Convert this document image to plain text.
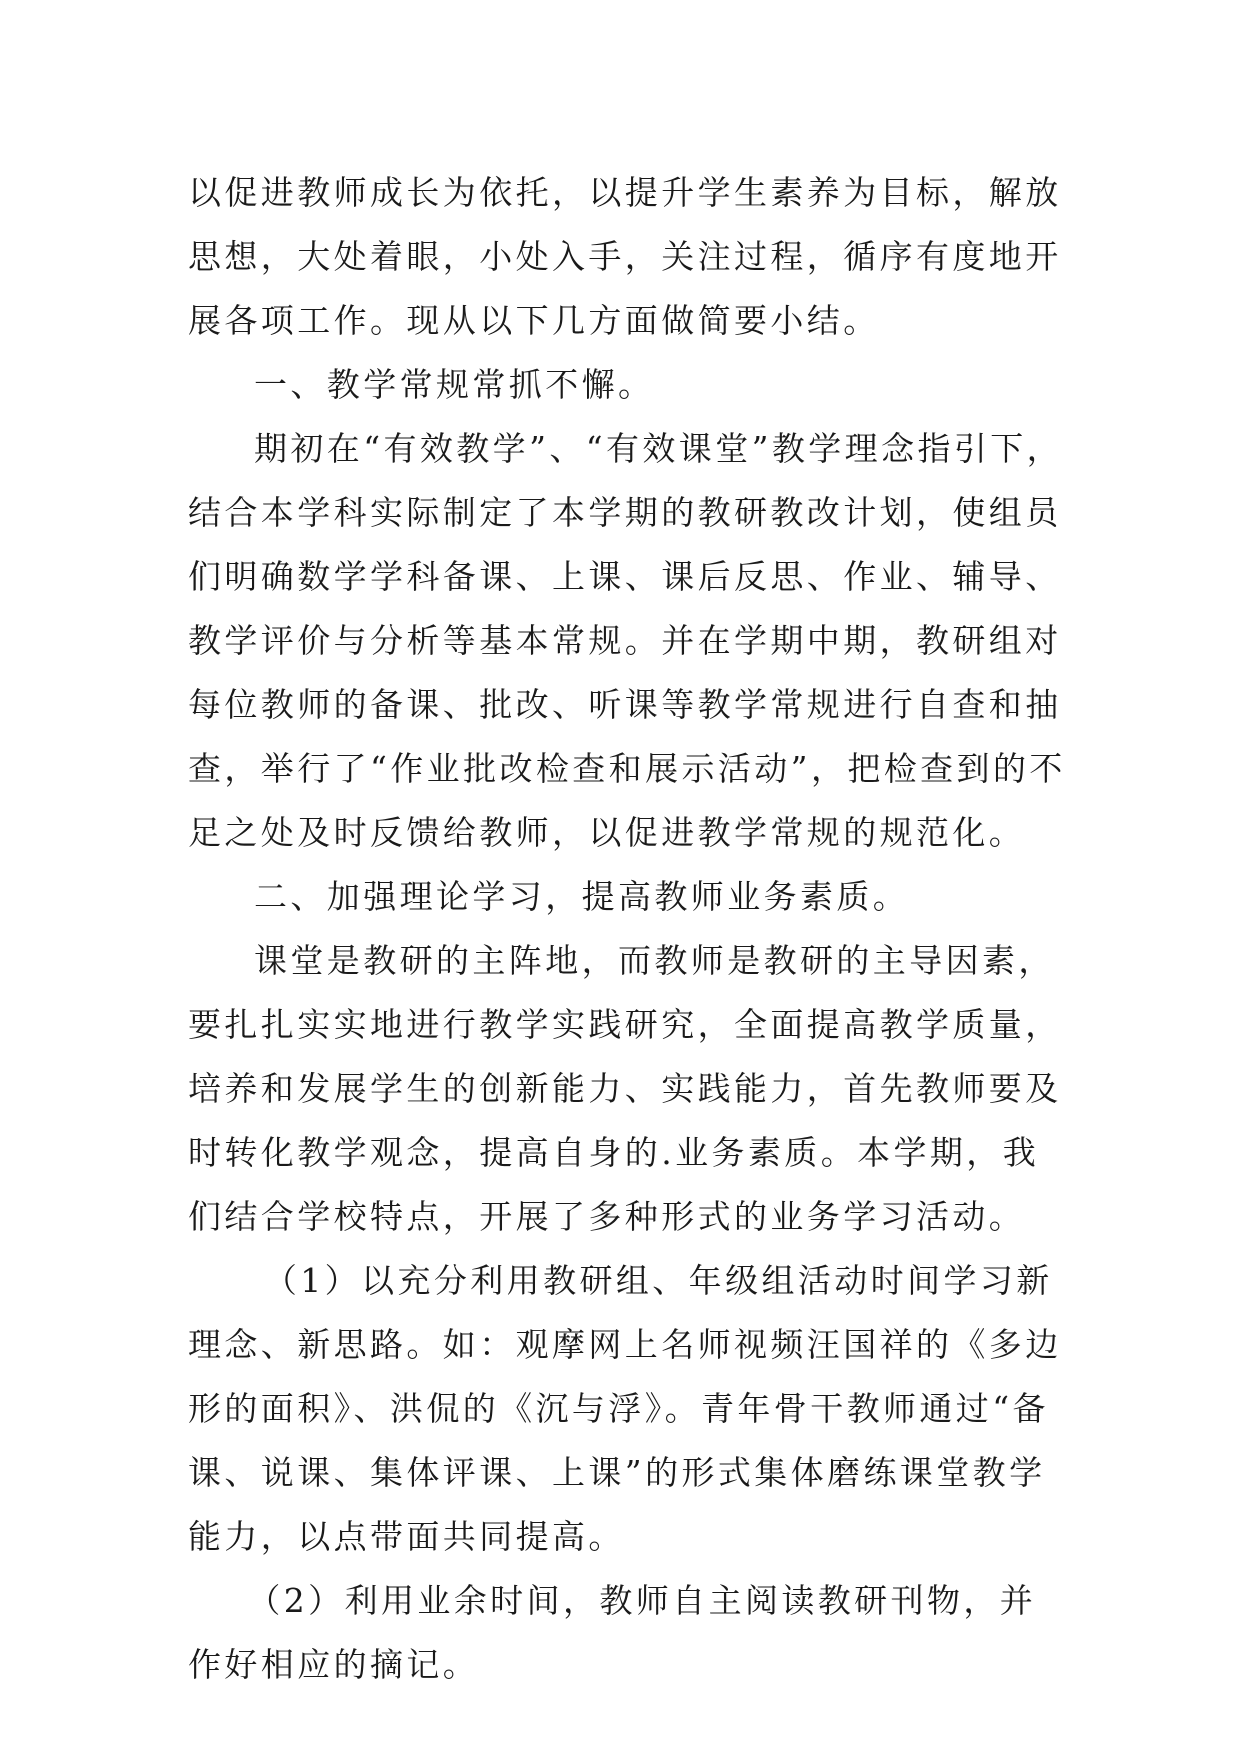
以促进教师成长为依托，以提升学生素养为目标，解放思想，大处着眼，小处入手，关注过程，循序有度地开展各项工作。现从以下几方面做简要小结。

一、教学常规常抓不懈。

期初在“有效教学”、“有效课堂”教学理念指引下，结合本学科实际制定了本学期的教研教改计划，使组员们明确数学学科备课、上课、课后反思、作业、辅导、教学评价与分析等基本常规。并在学期中期，教研组对每位教师的备课、批改、听课等教学常规进行自查和抽查，举行了“作业批改检查和展示活动”，把检查到的不足之处及时反馈给教师，以促进教学常规的规范化。

二、加强理论学习，提高教师业务素质。

课堂是教研的主阵地，而教师是教研的主导因素，要扎扎实实地进行教学实践研究，全面提高教学质量，培养和发展学生的创新能力、实践能力，首先教师要及时转化教学观念，提高自身的.业务素质。本学期，我们结合学校特点，开展了多种形式的业务学习活动。

（1）以充分利用教研组、年级组活动时间学习新理念、新思路。如：观摩网上名师视频汪国祥的《多边形的面积》、洪侃的《沉与浮》。青年骨干教师通过“备课、说课、集体评课、上课”的形式集体磨练课堂教学能力，以点带面共同提高。

（2）利用业余时间，教师自主阅读教研刊物，并作好相应的摘记。
